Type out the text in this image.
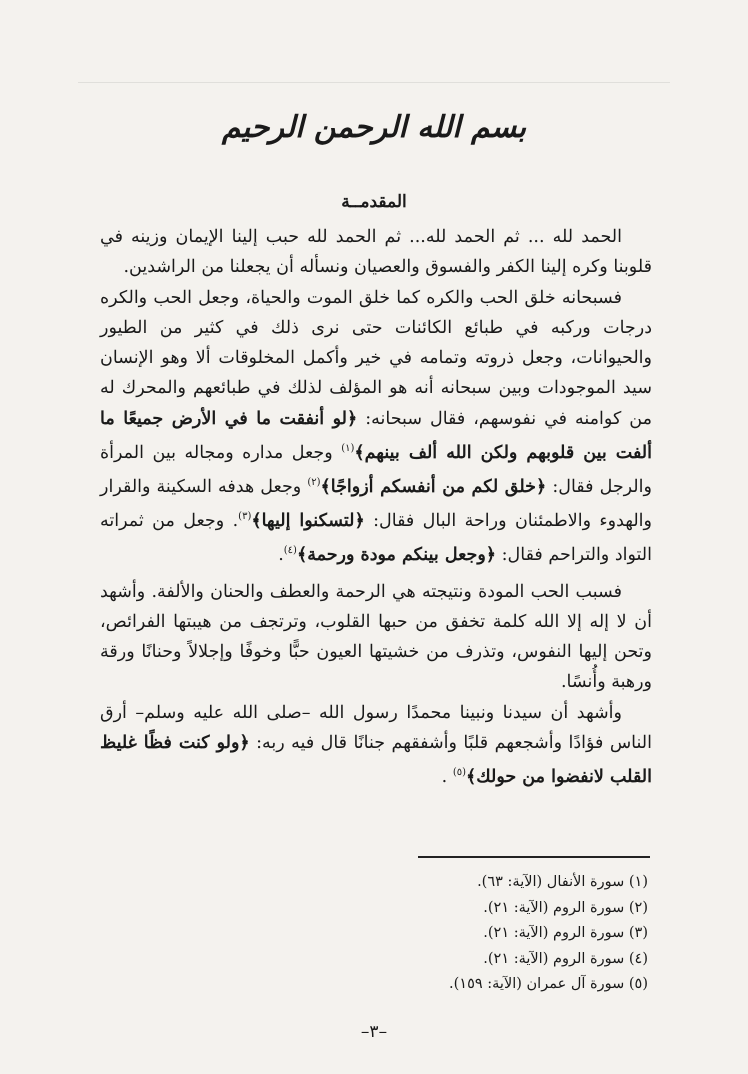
بسم الله الرحمن الرحيم
المقدمــة

الحمد لله ... ثم الحمد لله... ثم الحمد لله حبب إلينا الإيمان وزينه في قلوبنا وكره إلينا الكفر والفسوق والعصيان ونسأله أن يجعلنا من الراشدين.

فسبحانه خلق الحب والكره كما خلق الموت والحياة، وجعل الحب والكره درجات وركبه في طبائع الكائنات حتى نرى ذلك في كثير من الطيور والحيوانات، وجعل ذروته وتمامه في خير وأكمل المخلوقات ألا وهو الإنسان سيد الموجودات وبين سبحانه أنه هو المؤلف لذلك في طبائعهم والمحرك له من كوامنه في نفوسهم، فقال سبحانه: ﴿لو أنفقت ما في الأرض جميعًا ما ألفت بين قلوبهم ولكن الله ألف بينهم﴾$^{(١)}$ وجعل مداره ومجاله بين المرأة والرجل فقال: ﴿خلق لكم من أنفسكم أزواجًا﴾$^{(٢)}$ وجعل هدفه السكينة والقرار والهدوء والاطمئنان وراحة البال فقال: ﴿لتسكنوا إليها﴾$^{(٣)}$. وجعل من ثمراته التواد والتراحم فقال: ﴿وجعل بينكم مودة ورحمة﴾$^{(٤)}$.

فسبب الحب المودة ونتيجته هي الرحمة والعطف والحنان والألفة. وأشهد أن لا إله إلا الله كلمة تخفق من حبها القلوب، وترتجف من هيبتها الفرائص، وتحن إليها النفوس، وتذرف من خشيتها العيون حبًّا وخوفًا وإجلالاً وحنانًا ورقة ورهبة وأُنسًا.

وأشهد أن سيدنا ونبينا محمدًا رسول الله –صلى الله عليه وسلم– أرق الناس فؤادًا وأشجعهم قلبًا وأشفقهم جنانًا قال فيه ربه: ﴿ولو كنت فظًا غليظ القلب لانفضوا من حولك﴾$^{(٥)}$ .

(١) سورة الأنفال (الآية: ٦٣).
(٢) سورة الروم (الآية: ٢١).
(٣) سورة الروم (الآية: ٢١).
(٤) سورة الروم (الآية: ٢١).
(٥) سورة آل عمران (الآية: ١٥٩).
–٣–
